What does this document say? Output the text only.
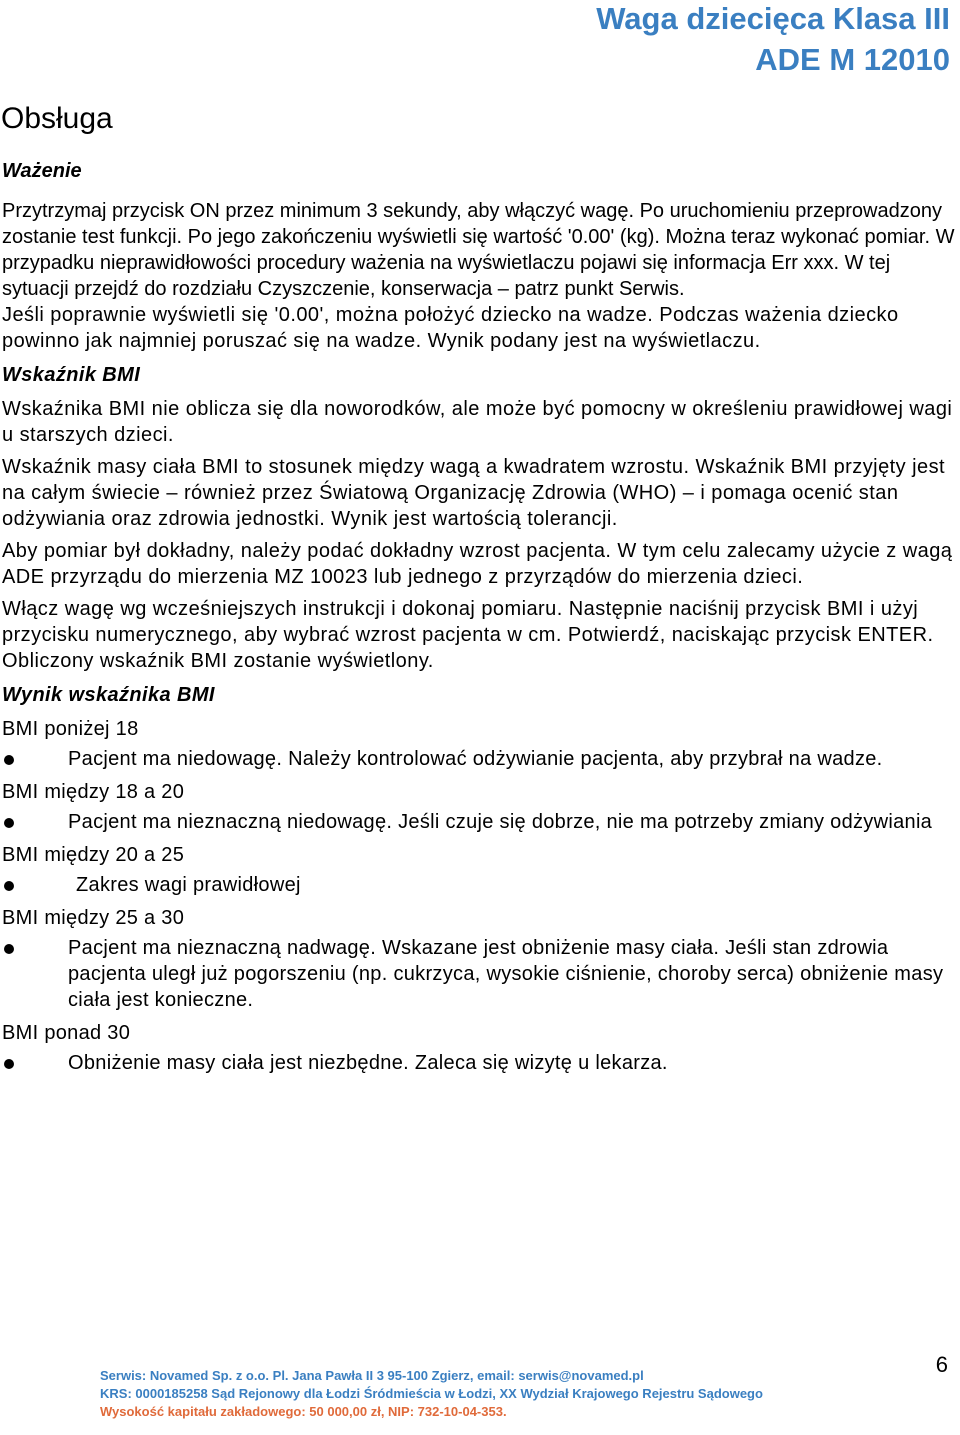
Waga dziecięca Klasa III
ADE M 12010
Obsługa
Ważenie

Przytrzymaj przycisk ON przez minimum 3 sekundy, aby włączyć wagę. Po uruchomieniu przeprowadzony zostanie test funkcji. Po jego zakończeniu wyświetli się wartość '0.00' (kg). Można teraz wykonać pomiar. W przypadku nieprawidłowości procedury ważenia na wyświetlaczu pojawi się informacja Err xxx. W tej sytuacji przejdź do rozdziału Czyszczenie, konserwacja – patrz punkt Serwis.

Jeśli poprawnie wyświetli się '0.00', można położyć dziecko na wadze. Podczas ważenia dziecko powinno jak najmniej poruszać się na wadze. Wynik podany jest na wyświetlaczu.

Wskaźnik BMI

Wskaźnika BMI nie oblicza się dla noworodków, ale może być pomocny w określeniu prawidłowej wagi u starszych dzieci.

Wskaźnik masy ciała BMI to stosunek między wagą a kwadratem wzrostu. Wskaźnik BMI przyjęty jest na całym świecie – również przez Światową Organizację Zdrowia (WHO) – i pomaga ocenić stan odżywiania oraz zdrowia jednostki. Wynik jest wartością tolerancji.

Aby pomiar był dokładny, należy podać dokładny wzrost pacjenta. W tym celu zalecamy użycie z wagą ADE przyrządu do mierzenia MZ 10023 lub jednego z przyrządów do mierzenia dzieci.

Włącz wagę wg wcześniejszych instrukcji i dokonaj pomiaru. Następnie naciśnij przycisk BMI i użyj przycisku numerycznego, aby wybrać wzrost pacjenta w cm. Potwierdź, naciskając przycisk ENTER. Obliczony wskaźnik BMI zostanie wyświetlony.

Wynik wskaźnika BMI
BMI poniżej 18
Pacjent ma niedowagę. Należy kontrolować odżywianie pacjenta, aby przybrał na wadze.
BMI między 18 a 20
Pacjent ma nieznaczną niedowagę. Jeśli czuje się dobrze, nie ma potrzeby zmiany odżywiania
BMI między 20 a 25
Zakres wagi prawidłowej
BMI między 25 a 30
Pacjent ma nieznaczną nadwagę. Wskazane jest obniżenie masy ciała. Jeśli stan zdrowia pacjenta uległ już pogorszeniu (np. cukrzyca, wysokie ciśnienie, choroby serca) obniżenie masy ciała jest konieczne.
BMI ponad 30
Obniżenie masy ciała jest niezbędne. Zaleca się wizytę u lekarza.
6

Serwis: Novamed Sp. z o.o. Pl. Jana Pawła II 3 95-100 Zgierz, email: serwis@novamed.pl

KRS: 0000185258 Sąd Rejonowy dla Łodzi Śródmieścia w Łodzi, XX Wydział Krajowego Rejestru Sądowego

Wysokość kapitału zakładowego: 50 000,00 zł, NIP: 732-10-04-353.
